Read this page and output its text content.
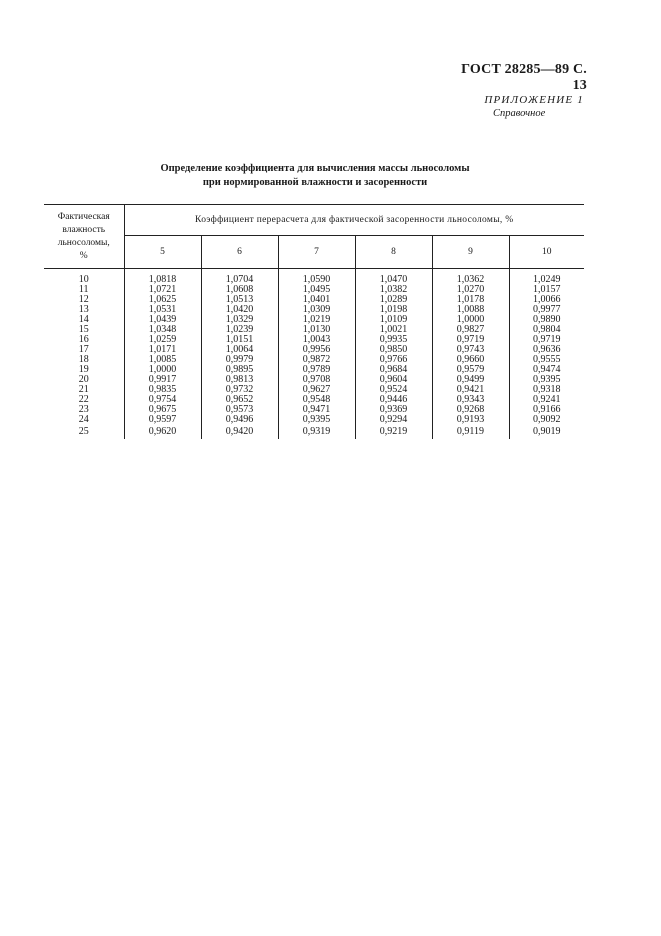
ГОСТ 28285—89 С. 13
ПРИЛОЖЕНИЕ 1
Справочное
Определение коэффициента для вычисления массы льносоломы
при нормированной влажности и засоренности
Фактическая
влажность
льносоломы,
%	Коэффициент перерасчета для фактической засоренности льносоломы, %					
	5	6	7	8	9	10
10	1,0818	1,0704	1,0590	1,0470	1,0362	1,0249
11	1,0721	1,0608	1,0495	1,0382	1,0270	1,0157
12	1,0625	1,0513	1,0401	1,0289	1,0178	1,0066
13	1,0531	1,0420	1,0309	1,0198	1,0088	0,9977
14	1,0439	1,0329	1,0219	1,0109	1,0000	0,9890
15	1,0348	1,0239	1,0130	1,0021	0,9827	0,9804
16	1,0259	1,0151	1,0043	0,9935	0,9719	0,9719
17	1,0171	1,0064	0,9956	0,9850	0,9743	0,9636
18	1,0085	0,9979	0,9872	0,9766	0,9660	0,9555
19	1,0000	0,9895	0,9789	0,9684	0,9579	0,9474
20	0,9917	0,9813	0,9708	0,9604	0,9499	0,9395
21	0,9835	0,9732	0,9627	0,9524	0,9421	0,9318
22	0,9754	0,9652	0,9548	0,9446	0,9343	0,9241
23	0,9675	0,9573	0,9471	0,9369	0,9268	0,9166
24	0,9597	0,9496	0,9395	0,9294	0,9193	0,9092
25	0,9620	0,9420	0,9319	0,9219	0,9119	0,9019
